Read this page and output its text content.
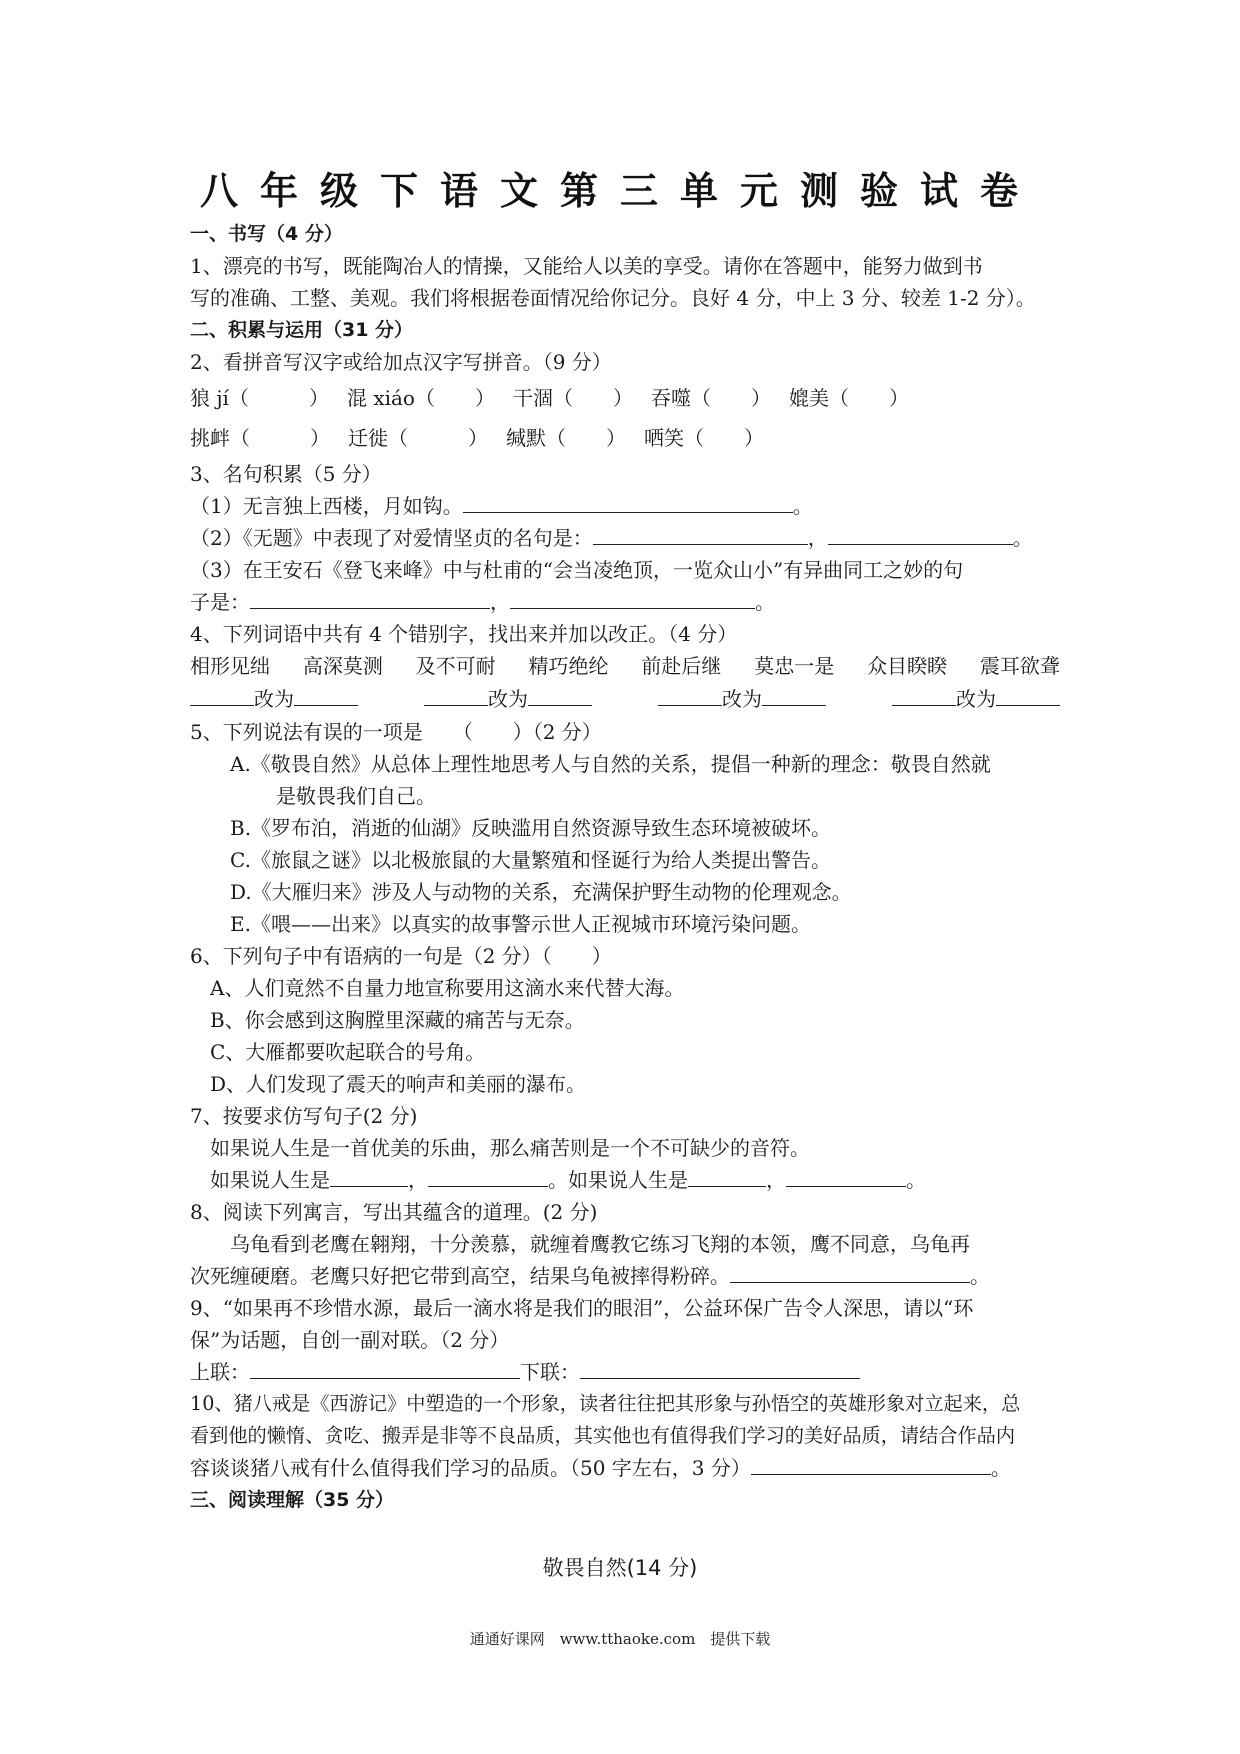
八年级下语文第三单元测验试卷
一、书写（4 分）
1、漂亮的书写，既能陶冶人的情操，又能给人以美的享受。请你在答题中，能努力做到书
写的准确、工整、美观。我们将根据卷面情况给你记分。良好 4 分，中上 3 分、较差 1-2 分）。
二、积累与运用（31 分）
2、看拼音写汉字或给加点汉字写拼音。（9 分）
狼 jí（　　　） 混 xiáo（　　） 干涸（　　） 吞噬（　　） 媲美（　　）
挑衅（　　　） 迁徙（　　　） 缄默（　　） 哂笑（　　）
3、名句积累（5 分）
（1）无言独上西楼，月如钩。	。
（2）《无题》中表现了对爱情坚贞的名句是：	，	。
（3）在王安石《登飞来峰》中与杜甫的“会当凌绝顶，一览众山小”有异曲同工之妙的句
子是：	，	。
4、下列词语中共有 4 个错别字，找出来并加以改正。（4 分）
相形见绌 高深莫测 及不可耐 精巧绝纶 前赴后继 莫忠一是 众目睽睽 震耳欲聋
改为	改为	改为	改为
5、下列说法有误的一项是　　（　　）（2 分）
A.《敬畏自然》从总体上理性地思考人与自然的关系，提倡一种新的理念：敬畏自然就
是敬畏我们自己。
B.《罗布泊，消逝的仙湖》反映滥用自然资源导致生态环境被破坏。
C.《旅鼠之谜》以北极旅鼠的大量繁殖和怪诞行为给人类提出警告。
D.《大雁归来》涉及人与动物的关系，充满保护野生动物的伦理观念。
E.《喂——出来》以真实的故事警示世人正视城市环境污染问题。
6、下列句子中有语病的一句是（2 分）（　　）
A、人们竟然不自量力地宣称要用这滴水来代替大海。
B、你会感到这胸膛里深藏的痛苦与无奈。
C、大雁都要吹起联合的号角。
D、人们发现了震天的响声和美丽的瀑布。
7、按要求仿写句子(2 分)
如果说人生是一首优美的乐曲，那么痛苦则是一个不可缺少的音符。
如果说人生是	，	。如果说人生是	，	。
8、阅读下列寓言，写出其蕴含的道理。(2 分)
乌龟看到老鹰在翱翔，十分羡慕，就缠着鹰教它练习飞翔的本领，鹰不同意，乌龟再
次死缠硬磨。老鹰只好把它带到高空，结果乌龟被摔得粉碎。	。
9、“如果再不珍惜水源，最后一滴水将是我们的眼泪”，公益环保广告令人深思，请以“环
保”为话题，自创一副对联。（2 分）
上联：	下联：
10、猪八戒是《西游记》中塑造的一个形象，读者往往把其形象与孙悟空的英雄形象对立起来，总
看到他的懒惰、贪吃、搬弄是非等不良品质，其实他也有值得我们学习的美好品质，请结合作品内
容谈谈猪八戒有什么值得我们学习的品质。（50 字左右，3 分）	。
三、阅读理解（35 分）
敬畏自然(14 分)
通通好课网　www.tthaoke.com　提供下载
